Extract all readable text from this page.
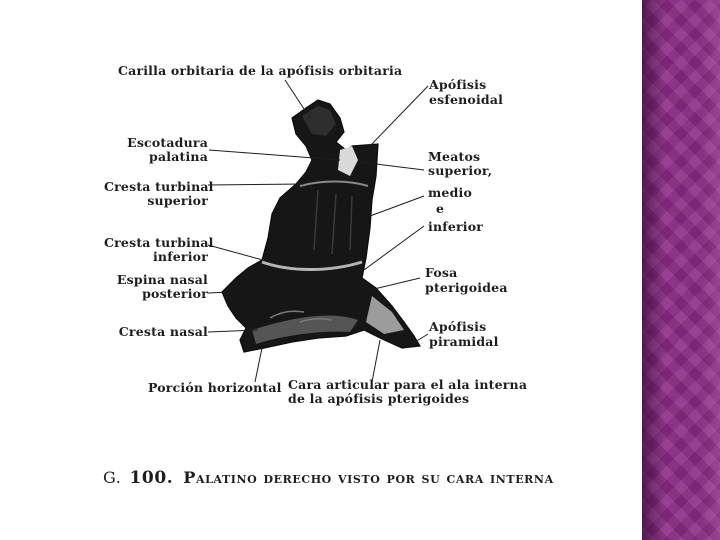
Carilla orbitaria de la apófisis orbitaria
Apófisis
esfenoidal
Escotadura
palatina	Meatos
superior,
medio
e
inferior
Cresta turbinal
superior
Cresta turbinal
inferior
Espina nasal
posterior
Fosa
pterigoidea
Cresta nasal	Apófisis
piramidal
Porción horizontal Cara articular para el ala interna
de la apófisis pterigoides
G. 100. Palatino derecho visto por su cara interna
